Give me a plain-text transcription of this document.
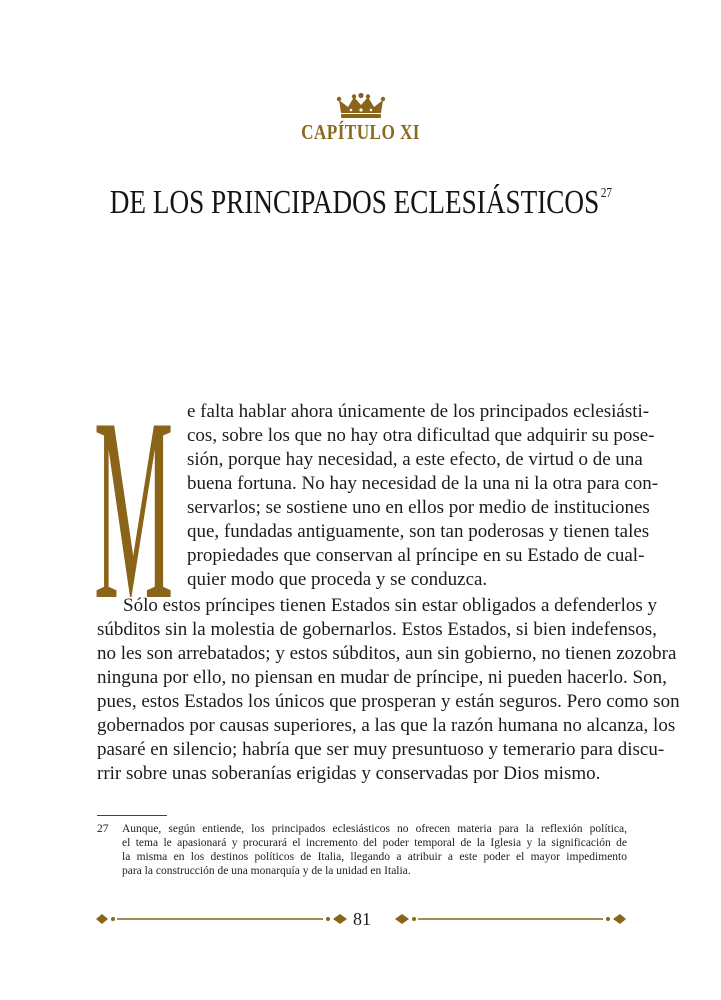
CAPÍTULO XI
DE LOS PRINCIPADOS ECLESIÁSTICOS $^{27}$
M e falta hablar ahora únicamente de los principados eclesiásti-
cos, sobre los que no hay otra dificultad que adquirir su pose-
sión, porque hay necesidad, a este efecto, de virtud o de una
buena fortuna. No hay necesidad de la una ni la otra para con-
servarlos; se sostiene uno en ellos por medio de instituciones
que, fundadas antiguamente, son tan poderosas y tienen tales
propiedades que conservan al príncipe en su Estado de cual-
quier modo que proceda y se conduzca.
Sólo estos príncipes tienen Estados sin estar obligados a defenderlos y
súbditos sin la molestia de gobernarlos. Estos Estados, si bien indefensos,
no les son arrebatados; y estos súbditos, aun sin gobierno, no tienen zozobra
ninguna por ello, no piensan en mudar de príncipe, ni pueden hacerlo. Son,
pues, estos Estados los únicos que prosperan y están seguros. Pero como son
gobernados por causas superiores, a las que la razón humana no alcanza, los
pasaré en silencio; habría que ser muy presuntuoso y temerario para discu-
rrir sobre unas soberanías erigidas y conservadas por Dios mismo.
27 Aunque, según entiende, los principados eclesiásticos no ofrecen materia para la reflexión política,
el tema le apasionará y procurará el incremento del poder temporal de la Iglesia y la significación de
la misma en los destinos políticos de Italia, llegando a atribuir a este poder el mayor impedimento
para la construcción de una monarquía y de la unidad en Italia.
81
